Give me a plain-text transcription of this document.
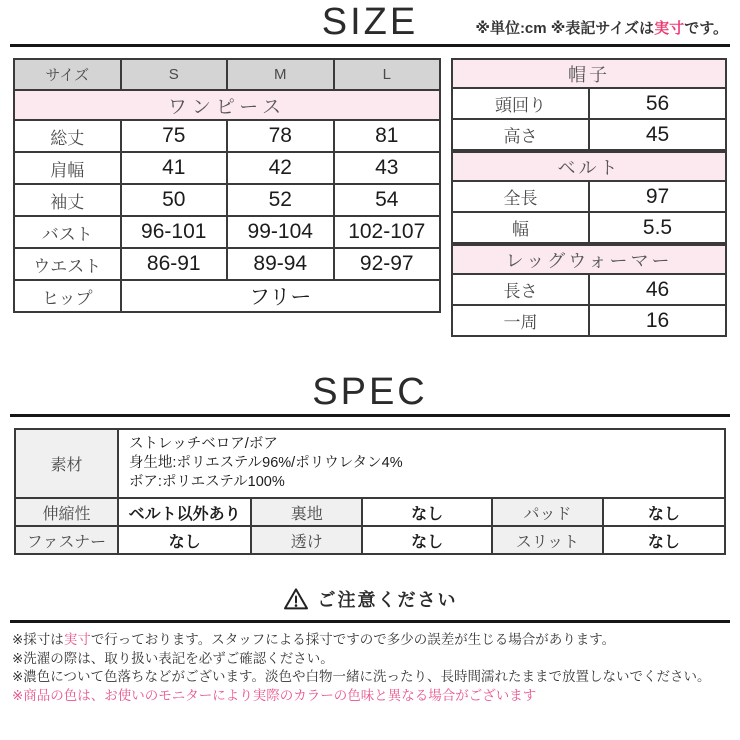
SIZE	※単位:cm ※表記サイズは実寸です。
サイズ	S	M	L
ワンピース			
総丈	75	78	81
肩幅	41	42	43
袖丈	50	52	54
バスト	96-101	99-104	102-107
ウエスト	86-91	89-94	92-97
ヒップ	フリー		
帽子	
頭回り	56
高さ	45
ベルト	
全長	97
幅	5.5
レッグウォーマー	
長さ	46
一周	16
SPEC
素材	ストレッチベロア/ボア
身生地:ポリエステル96%/ポリウレタン4%
ボア:ポリエステル100%				

伸縮性	ベルト以外あり	裏地	なし	パッド	なし
ファスナー	なし	透け	なし	スリット	なし
ご注意ください
※採寸は実寸で行っております。スタッフによる採寸ですので多少の誤差が生じる場合があります。
※洗濯の際は、取り扱い表記を必ずご確認ください。
※濃色について色落ちなどがございます。淡色や白物一緒に洗ったり、長時間濡れたままで放置しないでください。
※商品の色は、お使いのモニターにより実際のカラーの色味と異なる場合がございます
